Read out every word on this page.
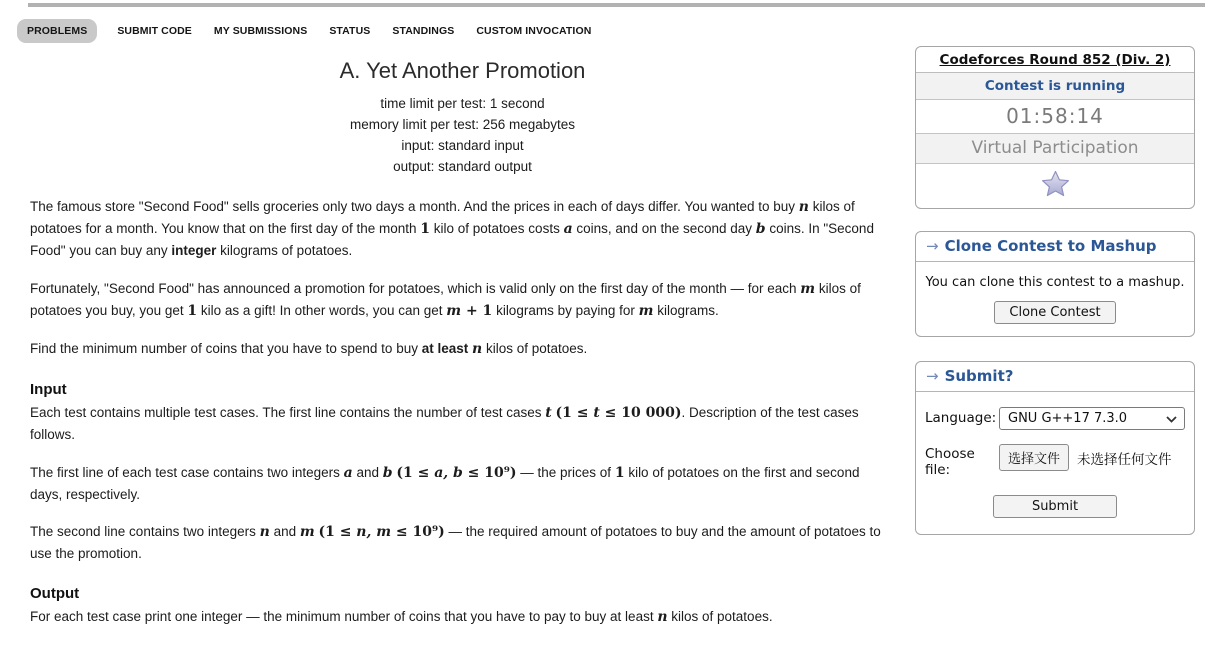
PROBLEMS	SUBMIT CODE MY SUBMISSIONS STATUS STANDINGS CUSTOM INVOCATION
A. Yet Another Promotion
time limit per test: 1 second
memory limit per test: 256 megabytes
input: standard input
output: standard output

The famous store "Second Food" sells groceries only two days a month. And the prices in each of days differ. You wanted to buy n kilos of potatoes for a month. You know that on the first day of the month 1 kilo of potatoes costs a coins, and on the second day b coins. In "Second Food" you can buy any integer kilograms of potatoes.

Fortunately, "Second Food" has announced a promotion for potatoes, which is valid only on the first day of the month — for each m kilos of potatoes you buy, you get 1 kilo as a gift! In other words, you can get m + 1 kilograms by paying for m kilograms.

Find the minimum number of coins that you have to spend to buy at least n kilos of potatoes.

Input

Each test contains multiple test cases. The first line contains the number of test cases t (1 ≤ t ≤ 10 000). Description of the test cases follows.

The first line of each test case contains two integers a and b (1 ≤ a, b ≤ 10⁹) — the prices of 1 kilo of potatoes on the first and second days, respectively.

The second line contains two integers n and m (1 ≤ n, m ≤ 10⁹) — the required amount of potatoes to buy and the amount of potatoes to use the promotion.

Output

For each test case print one integer — the minimum number of coins that you have to pay to buy at least n kilos of potatoes.

Codeforces Round 852 (Div. 2)
Contest is running
01:58:14
Virtual Participation
→ Clone Contest to Mashup
You can clone this contest to a mashup.
Clone Contest
→ Submit?
Language: GNU G++17 7.3.0
Choose file:
选择文件	未选择任何文件
Submit
